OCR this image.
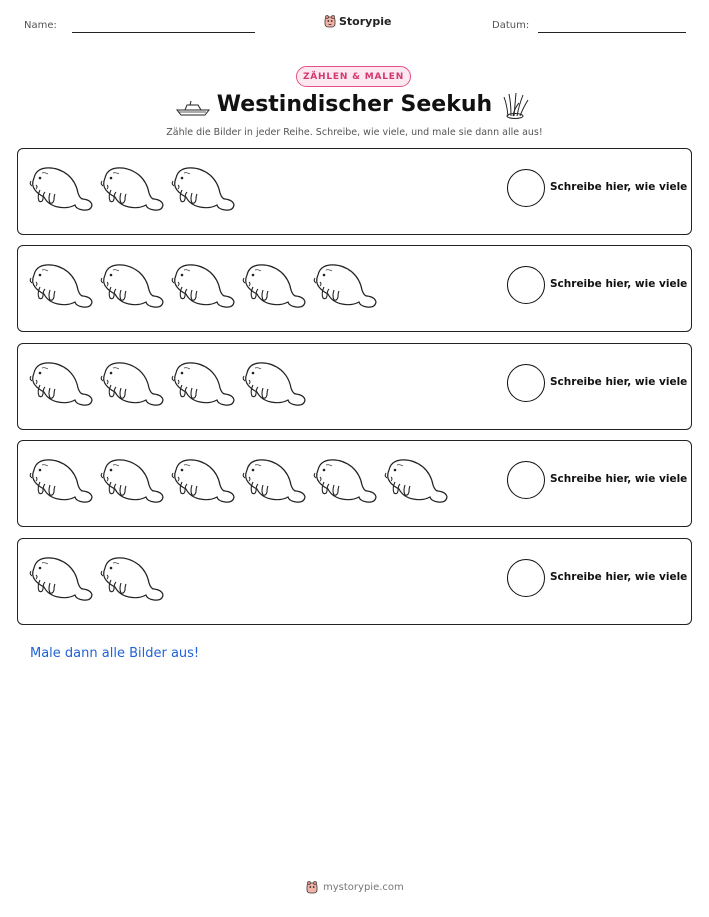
Name:	Storypie	Datum:
ZÄHLEN & MALEN
Westindischer Seekuh
Zähle die Bilder in jeder Reihe. Schreibe, wie viele, und male sie dann alle aus!
Schreibe hier, wie viele
Schreibe hier, wie viele
Schreibe hier, wie viele
Schreibe hier, wie viele
Schreibe hier, wie viele
Male dann alle Bilder aus!
mystorypie.com
